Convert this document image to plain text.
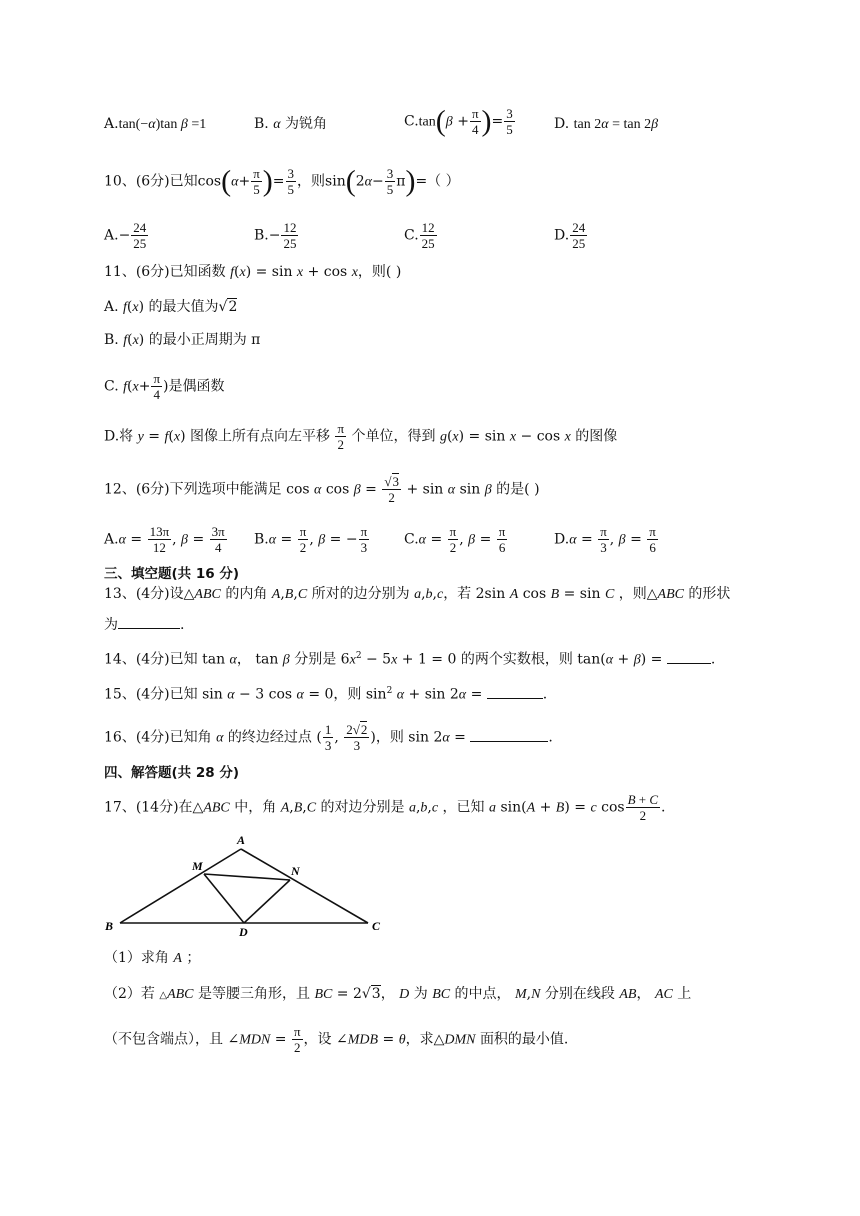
A.tan(−α)tan β =1	B. α 为锐角	$C.\tan(\beta + \frac{\pi}{4}$ )= $\frac{3}{5}$	D. tan 2α = tan 2β
10、(6分)已知$\cos(\alpha+ \frac{\pi}{5}$ )= $\frac{3}{5}$ ，则$\sin(2\alpha- \frac{3}{5} \pi)=$（ ）
$A.- \frac{24}{25}$	$B.- \frac{12}{25}$	C. $\frac{12}{25}$	D. $\frac{24}{25}$
11、(6分)已知函数 f(x) = sin x + cos x，则( )
A. f(x) 的最大值为√2
B. f(x) 的最小正周期为 π
C. $f(x+ \frac{\pi}{4}$ )是偶函数
D.将 y = f(x) 图像上所有点向左平移 $\frac{\pi}{2}$ 个单位，得到 g(x) = sin x − cos x 的图像
12、(6分)下列选项中能满足 cos α $\cos \beta = \frac{√3}{2} + \sin \alpha$ sin β 的是( )
$A.\alpha = \frac{13\pi}{12}$ , $\beta = \frac{3\pi}{4} B.\alpha = \frac{\pi}{2}$ , β = − $\frac{\pi}{3} C.\alpha = \frac{\pi}{2}$ , $\beta = \frac{\pi}{6}$	$D.\alpha = \frac{\pi}{3}$ , $\beta = \frac{\pi}{6}$
三、填空题(共 16 分)
13、(4分)设△ABC 的内角 A,B,C 所对的边分别为 a,b,c，若 2sin A cos B = sin C ，则△ABC 的形状
为	.
14、(4分)已知 tan α， tan β 分别是 $6x^2 - 5x + 1 = 0$ 的两个实数根，则 tan(α + β) =	.
15、(4分)已知 sin α − 3 cos α = 0，则 $\sin^2 \alpha + \sin 2\alpha$ =	.
16、(4分)已知角 α 的终边经过点 ( $\frac{1}{3}$ , $\frac{2√2}{3}$ )，则 sin 2α =	.
四、解答题(共 28 分)
17、(14分)在△ABC 中，角 A,B,C 的对边分别是 a,b,c ，已知 a sin(A + B) = c $\cos \frac{B + C}{2}$ .
A
B	C
M	N
D
（1）求角 A ；
（2）若 △ABC 是等腰三角形，且 BC = 2√3， D 为 BC 的中点， M,N 分别在线段 AB， AC 上
（不包含端点），且 ∠MDN = $\frac{\pi}{2}$ ，设 ∠MDB = θ，求△DMN 面积的最小值.
